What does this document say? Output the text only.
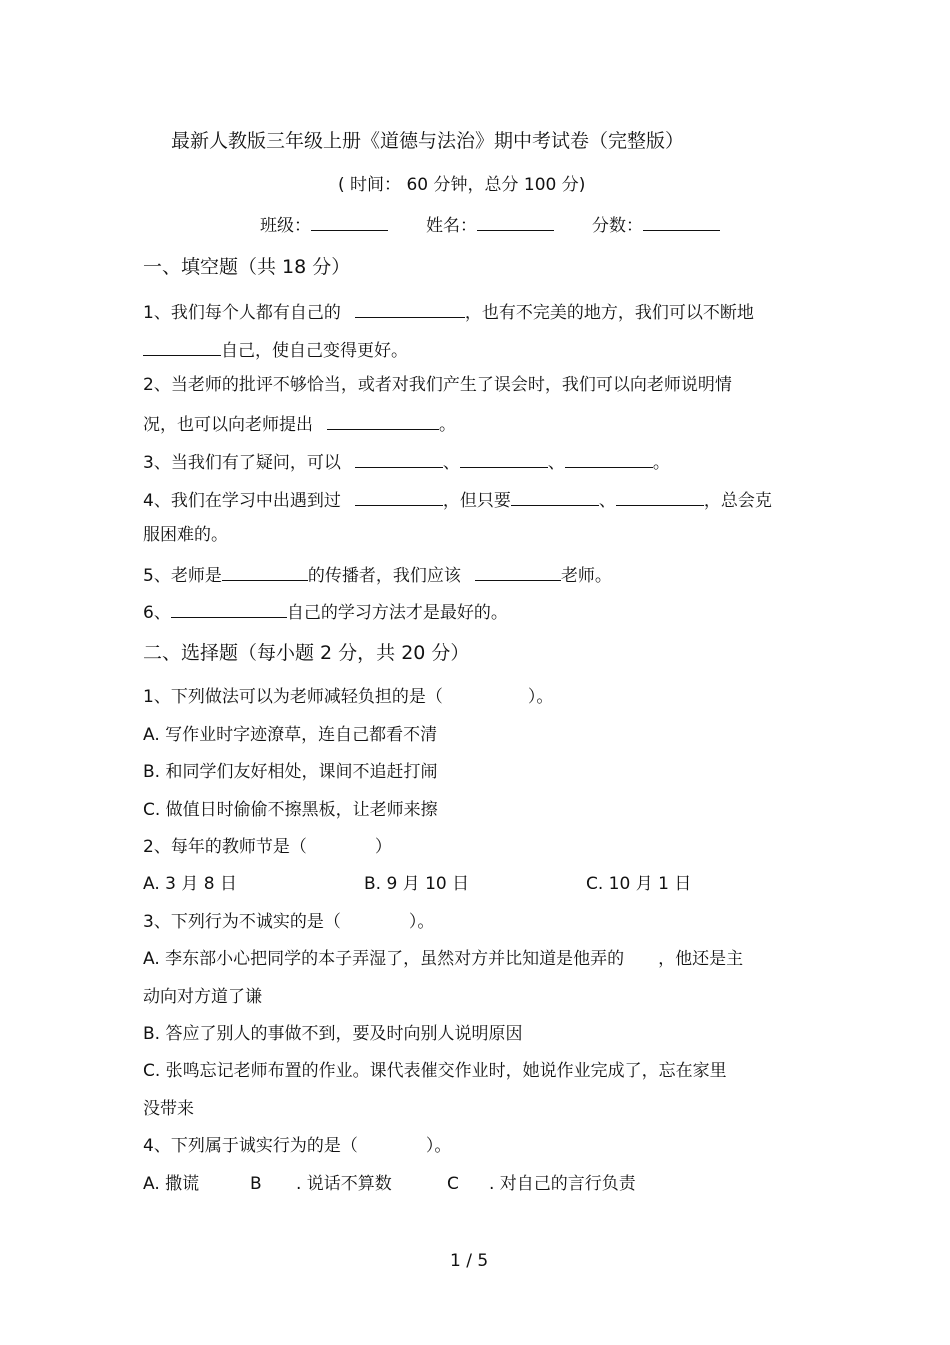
最新人教版三年级上册《道德与法治》期中考试卷（完整版）
( 时间： 60 分钟，总分 100 分)
班级：	姓名：	分数：
一、填空题（共 18 分）
1、我们每个人都有自己的	，也有不完美的地方，我们可以不断地
自己，使自己变得更好。
2、当老师的批评不够恰当，或者对我们产生了误会时，我们可以向老师说明情
况，也可以向老师提出	。
3、当我们有了疑问，可以	、	、	。
4、我们在学习中出遇到过	，但只要	、	，总会克
服困难的。
5、老师是	的传播者，我们应该	老师。
6、	自己的学习方法才是最好的。
二、选择题（每小题 2 分，共 20 分）
1、下列做法可以为老师减轻负担的是（　　　　　）。
A. 写作业时字迹潦草，连自己都看不清
B. 和同学们友好相处，课间不追赶打闹
C. 做值日时偷偷不擦黑板，让老师来擦
2、每年的教师节是（　　　　）
A. 3 月 8 日	B. 9 月 10 日	C. 10 月 1 日
3、下列行为不诚实的是（　　　　）。
A. 李东部小心把同学的本子弄湿了，虽然对方并比知道是他弄的　　，他还是主
动向对方道了谦
B. 答应了别人的事做不到，要及时向别人说明原因
C. 张鸣忘记老师布置的作业。课代表催交作业时，她说作业完成了，忘在家里
没带来
4、下列属于诚实行为的是（　　　　）。
A. 撒谎	B . 说话不算数	C . 对自己的言行负责
1 / 5
